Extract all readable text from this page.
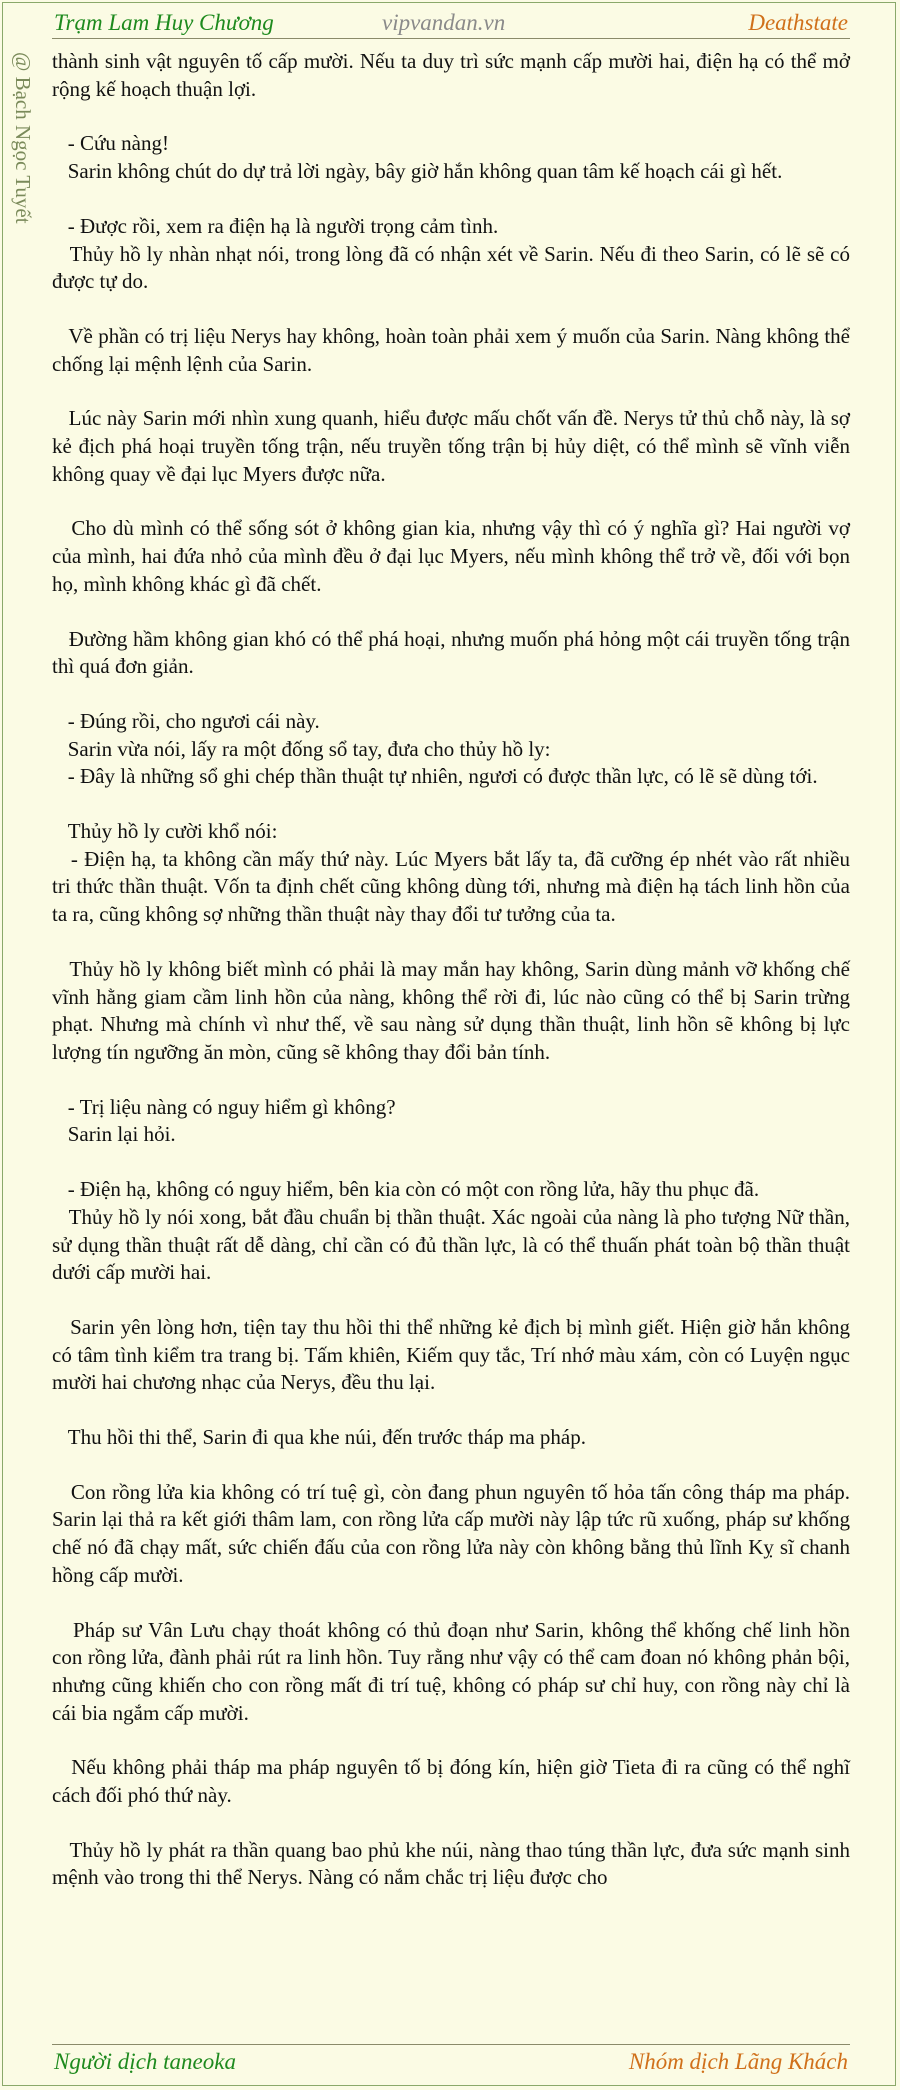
Trạm Lam Huy Chương	vipvandan.vn	Deathstate
@ Bạch Ngọc Tuyết thành sinh vật nguyên tố cấp mười. Nếu ta duy trì sức mạnh cấp mười hai, điện hạ có thể mở rộng kế hoạch thuận lợi.

- Cứu nàng!

Sarin không chút do dự trả lời ngày, bây giờ hắn không quan tâm kế hoạch cái gì hết.

- Được rồi, xem ra điện hạ là người trọng cảm tình.

Thủy hồ ly nhàn nhạt nói, trong lòng đã có nhận xét về Sarin. Nếu đi theo Sarin, có lẽ sẽ có được tự do.

Về phần có trị liệu Nerys hay không, hoàn toàn phải xem ý muốn của Sarin. Nàng không thể chống lại mệnh lệnh của Sarin.

Lúc này Sarin mới nhìn xung quanh, hiểu được mấu chốt vấn đề. Nerys tử thủ chỗ này, là sợ kẻ địch phá hoại truyền tống trận, nếu truyền tống trận bị hủy diệt, có thể mình sẽ vĩnh viễn không quay về đại lục Myers được nữa.

Cho dù mình có thể sống sót ở không gian kia, nhưng vậy thì có ý nghĩa gì? Hai người vợ của mình, hai đứa nhỏ của mình đều ở đại lục Myers, nếu mình không thể trở về, đối với bọn họ, mình không khác gì đã chết.

Đường hầm không gian khó có thể phá hoại, nhưng muốn phá hỏng một cái truyền tống trận thì quá đơn giản.

- Đúng rồi, cho ngươi cái này.

Sarin vừa nói, lấy ra một đống sổ tay, đưa cho thủy hồ ly:

- Đây là những sổ ghi chép thần thuật tự nhiên, ngươi có được thần lực, có lẽ sẽ dùng tới.

Thủy hồ ly cười khổ nói:

- Điện hạ, ta không cần mấy thứ này. Lúc Myers bắt lấy ta, đã cưỡng ép nhét vào rất nhiều tri thức thần thuật. Vốn ta định chết cũng không dùng tới, nhưng mà điện hạ tách linh hồn của ta ra, cũng không sợ những thần thuật này thay đổi tư tưởng của ta.

Thủy hồ ly không biết mình có phải là may mắn hay không, Sarin dùng mảnh vỡ khống chế vĩnh hằng giam cầm linh hồn của nàng, không thể rời đi, lúc nào cũng có thể bị Sarin trừng phạt. Nhưng mà chính vì như thế, về sau nàng sử dụng thần thuật, linh hồn sẽ không bị lực lượng tín ngưỡng ăn mòn, cũng sẽ không thay đổi bản tính.

- Trị liệu nàng có nguy hiểm gì không?

Sarin lại hỏi.

- Điện hạ, không có nguy hiểm, bên kia còn có một con rồng lửa, hãy thu phục đã.

Thủy hồ ly nói xong, bắt đầu chuẩn bị thần thuật. Xác ngoài của nàng là pho tượng Nữ thần, sử dụng thần thuật rất dễ dàng, chỉ cần có đủ thần lực, là có thể thuấn phát toàn bộ thần thuật dưới cấp mười hai.

Sarin yên lòng hơn, tiện tay thu hồi thi thể những kẻ địch bị mình giết. Hiện giờ hắn không có tâm tình kiểm tra trang bị. Tấm khiên, Kiếm quy tắc, Trí nhớ màu xám, còn có Luyện ngục mười hai chương nhạc của Nerys, đều thu lại.

Thu hồi thi thể, Sarin đi qua khe núi, đến trước tháp ma pháp.

Con rồng lửa kia không có trí tuệ gì, còn đang phun nguyên tố hỏa tấn công tháp ma pháp. Sarin lại thả ra kết giới thâm lam, con rồng lửa cấp mười này lập tức rũ xuống, pháp sư khống chế nó đã chạy mất, sức chiến đấu của con rồng lửa này còn không bằng thủ lĩnh Kỵ sĩ chanh hồng cấp mười.

Pháp sư Vân Lưu chạy thoát không có thủ đoạn như Sarin, không thể khống chế linh hồn con rồng lửa, đành phải rút ra linh hồn. Tuy rằng như vậy có thể cam đoan nó không phản bội, nhưng cũng khiến cho con rồng mất đi trí tuệ, không có pháp sư chỉ huy, con rồng này chỉ là cái bia ngắm cấp mười.

Nếu không phải tháp ma pháp nguyên tố bị đóng kín, hiện giờ Tieta đi ra cũng có thể nghĩ cách đối phó thứ này.

Thủy hồ ly phát ra thần quang bao phủ khe núi, nàng thao túng thần lực, đưa sức mạnh sinh mệnh vào trong thi thể Nerys. Nàng có nắm chắc trị liệu được cho

Người dịch taneoka	Nhóm dịch Lãng Khách
